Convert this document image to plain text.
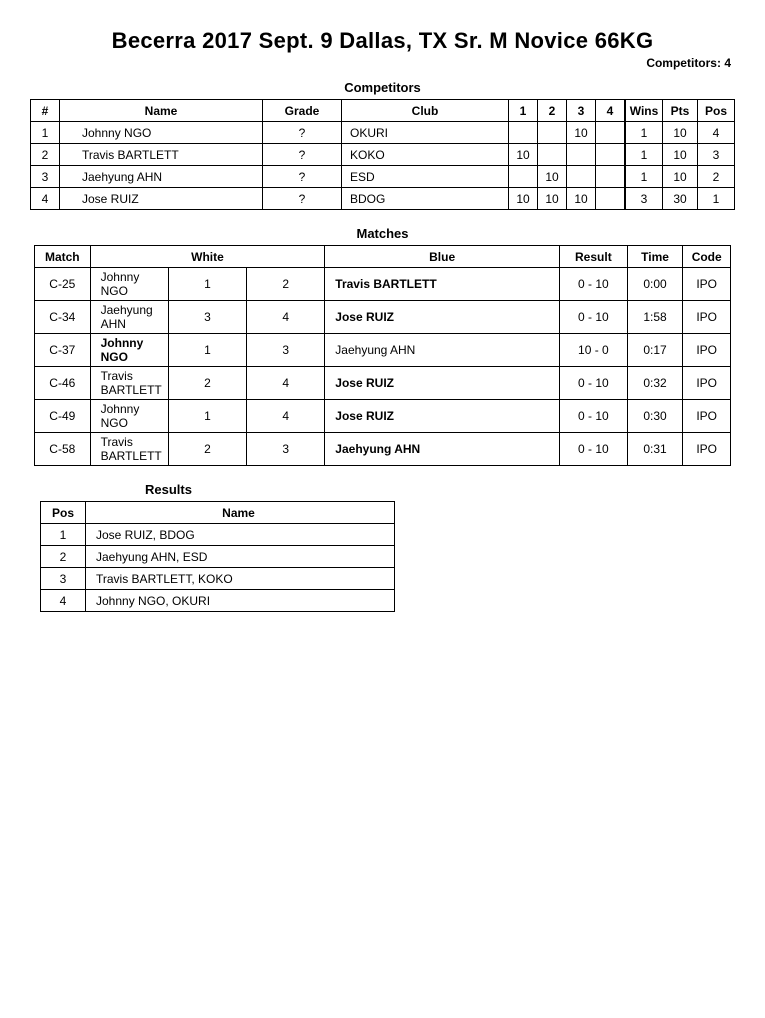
Becerra 2017 Sept. 9 Dallas, TX Sr. M Novice 66KG
Competitors: 4
Competitors
#	Name	Grade	Club	1	2	3	4	Wins	Pts	Pos
1	Johnny NGO	?	OKURI			10		1	10	4
2	Travis BARTLETT	?	KOKO	10				1	10	3
3	Jaehyung AHN	?	ESD		10			1	10	2
4	Jose RUIZ	?	BDOG	10	10	10		3	30	1
Matches
Match	White			Blue	Result	Time	Code
C-25	Johnny NGO	1	2	Travis BARTLETT	0 - 10	0:00	IPO
C-34	Jaehyung AHN	3	4	Jose RUIZ	0 - 10	1:58	IPO
C-37	Johnny NGO	1	3	Jaehyung AHN	10 - 0	0:17	IPO
C-46	Travis BARTLETT	2	4	Jose RUIZ	0 - 10	0:32	IPO
C-49	Johnny NGO	1	4	Jose RUIZ	0 - 10	0:30	IPO
C-58	Travis BARTLETT	2	3	Jaehyung AHN	0 - 10	0:31	IPO
Results
Pos	Name
1	Jose RUIZ, BDOG
2	Jaehyung AHN, ESD
3	Travis BARTLETT, KOKO
4	Johnny NGO, OKURI
